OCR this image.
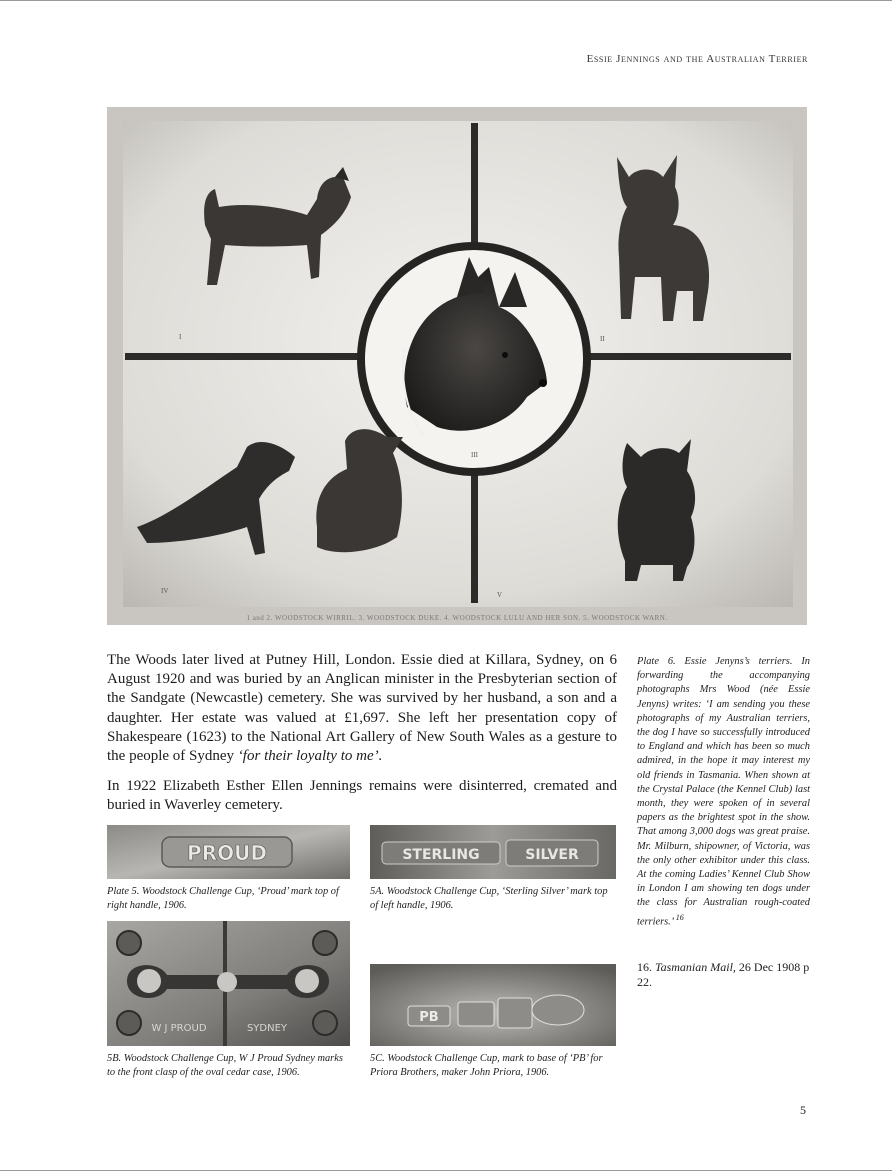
Essie Jennings and the Australian Terrier
I	II
III
IV	V
1 and 2. WOODSTOCK WIRRIL. 3. WOODSTOCK DUKE. 4. WOODSTOCK LULU AND HER SON. 5. WOODSTOCK WARN.

The Woods later lived at Putney Hill, London. Essie died at Killara, Sydney, on 6 August 1920 and was buried by an Anglican minister in the Presbyterian section of the Sandgate (Newcastle) cemetery. She was survived by her husband, a son and a daughter. Her estate was valued at £1,697. She left her presentation copy of Shakespeare (1623) to the National Art Gallery of New South Wales as a gesture to the people of Sydney ‘for their loyalty to me’.

In 1922 Elizabeth Esther Ellen Jennings remains were disinterred, cremated and buried in Waverley cemetery.

Plate 6. Essie Jenyns’s terriers. In forwarding the accompanying photographs Mrs Wood (née Essie Jenyns) writes: ‘I am sending you these photographs of my Australian terriers, the dog I have so successfully introduced to England and which has been so much admired, in the hope it may interest my old friends in Tasmania. When shown at the Crystal Palace (the Kennel Club) last month, they were spoken of in several papers as the brightest spot in the show. That among 3,000 dogs was great praise. Mr. Milburn, shipowner, of Victoria, was the only other exhibitor under this class. At the coming Ladies’ Kennel Club Show in London I am showing ten dogs under the class for Australian rough-coated terriers.’ $^{16}$

16. Tasmanian Mail, 26 Dec 1908 p 22.

PROUD

Plate 5. Woodstock Challenge Cup, ‘Proud’ mark top of right handle, 1906.

STERLING	SILVER

5A. Woodstock Challenge Cup, ‘Sterling Silver’ mark top of left handle, 1906.

W J PROUD	SYDNEY

5B. Woodstock Challenge Cup, W J Proud Sydney marks to the front clasp of the oval cedar case, 1906.

PB

5C. Woodstock Challenge Cup, mark to base of ‘PB’ for Priora Brothers, maker John Priora, 1906.

5
